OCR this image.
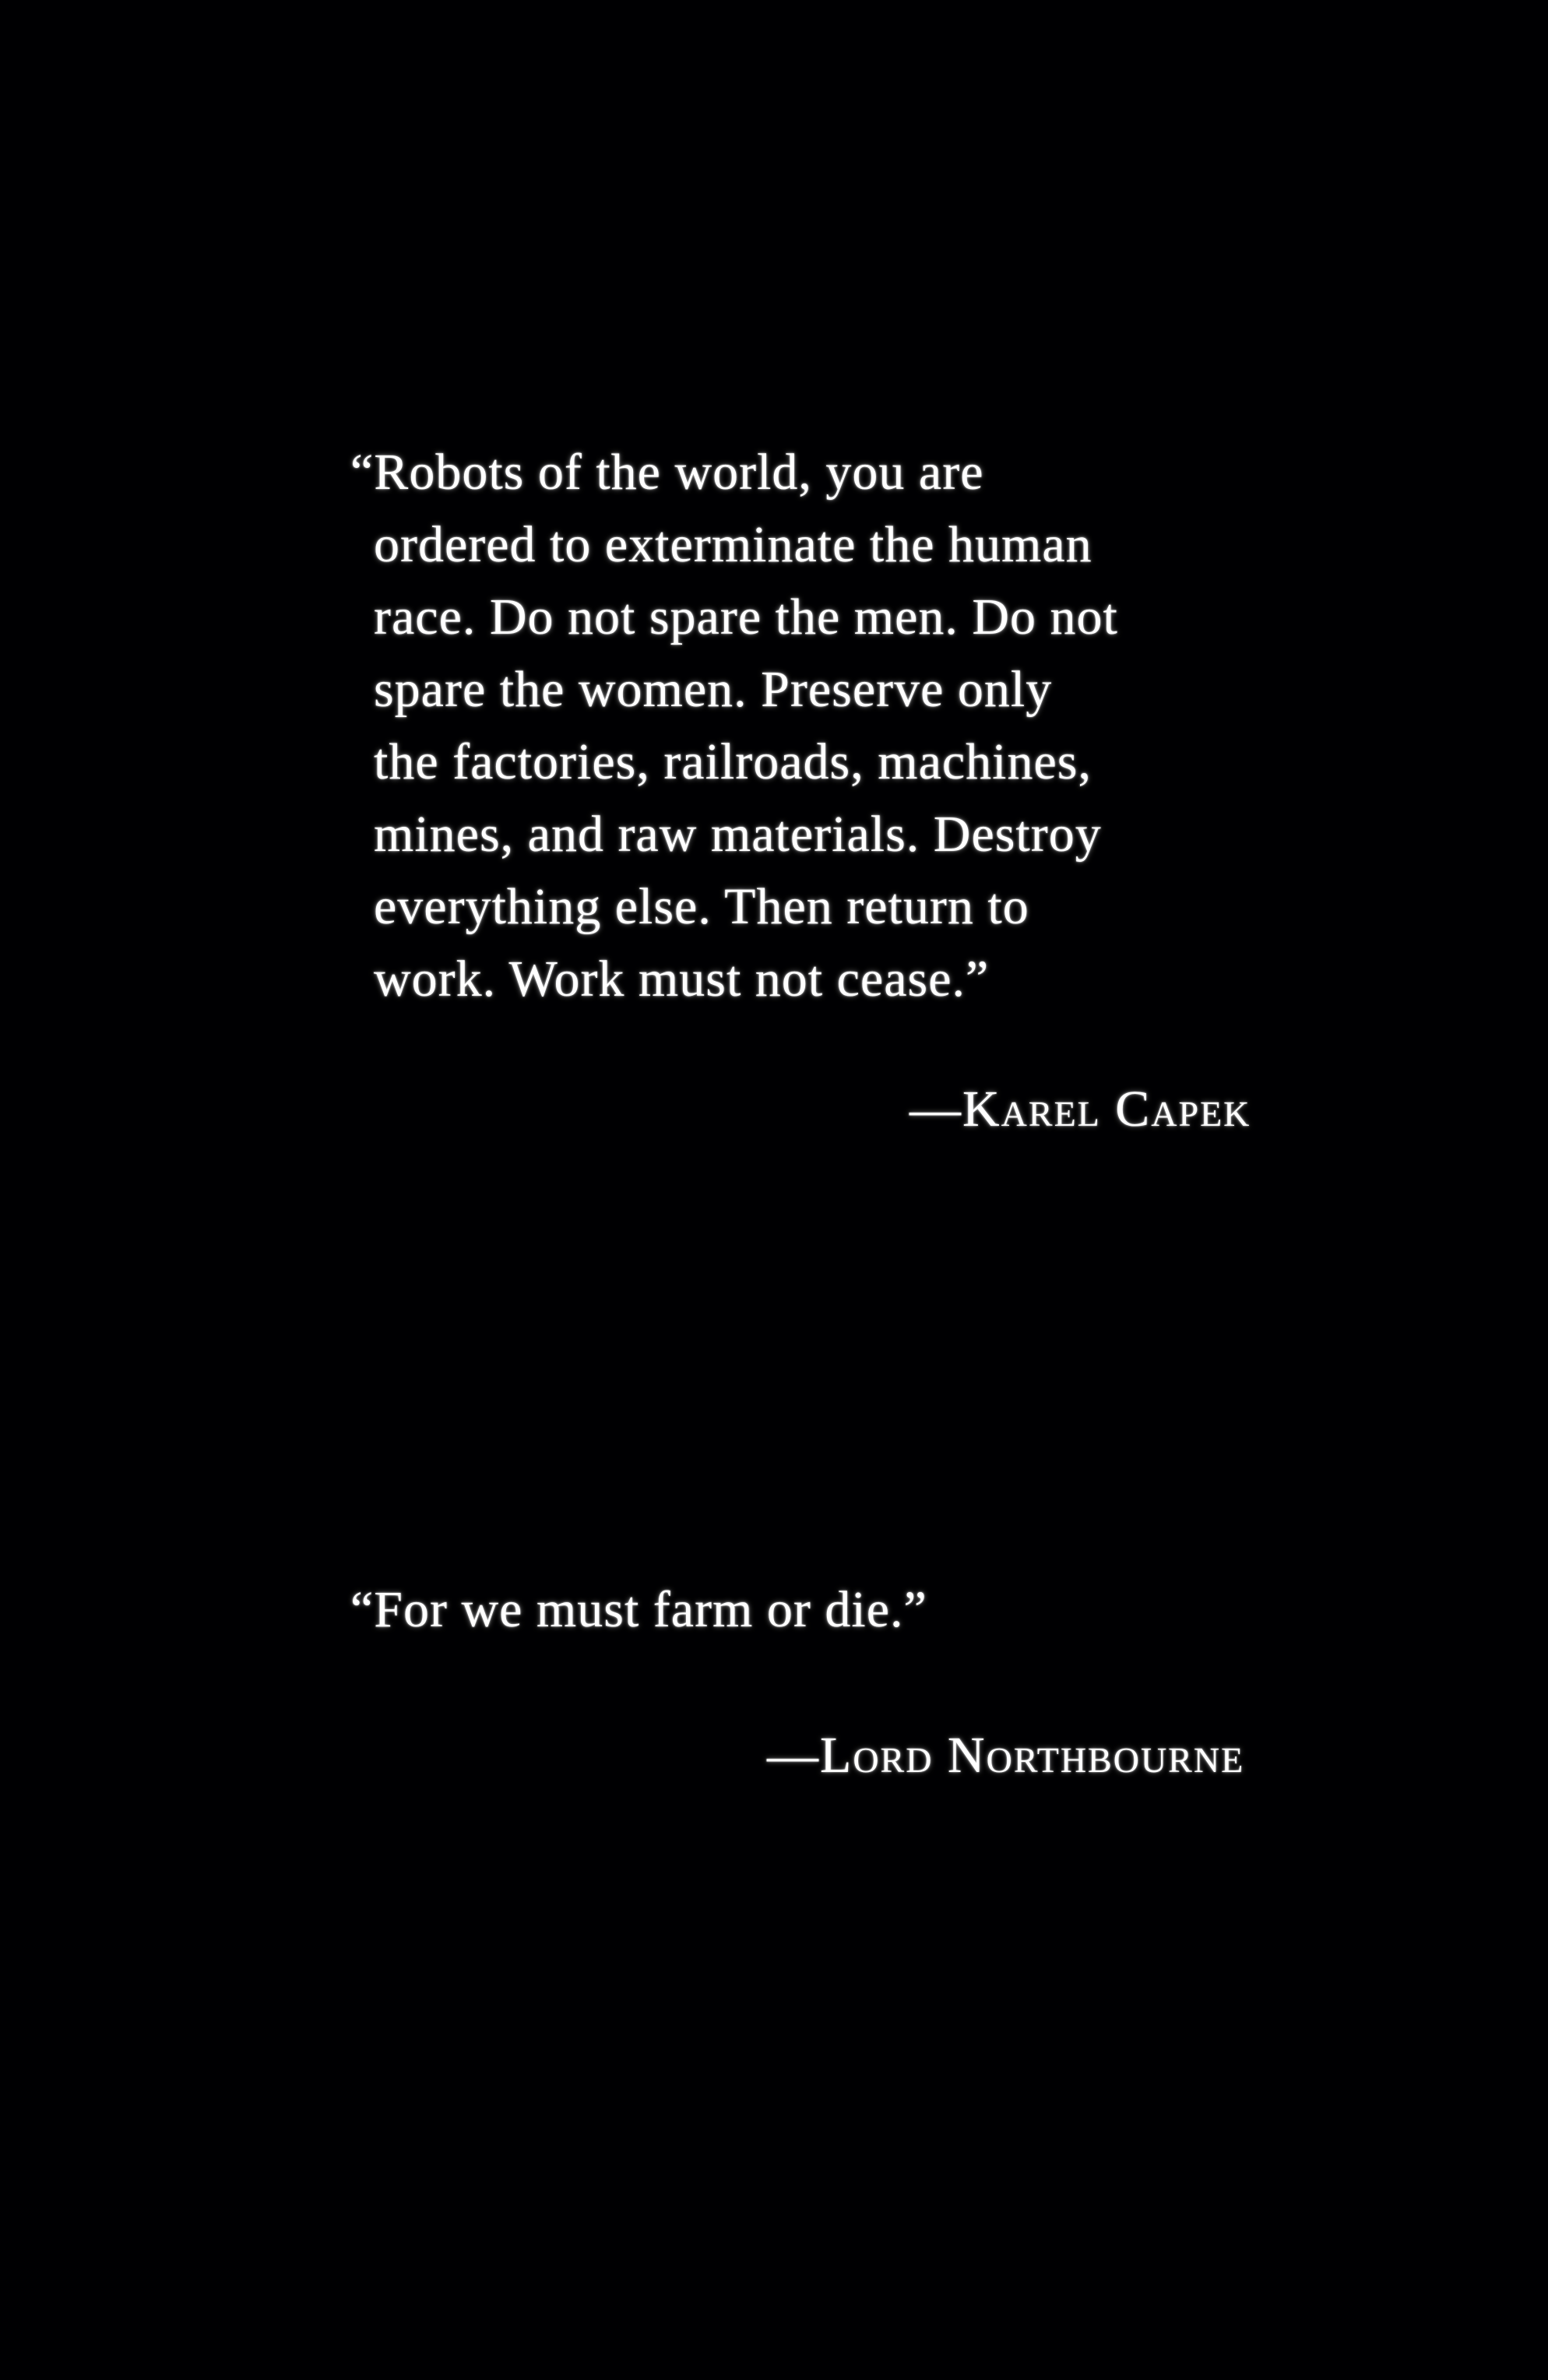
“Robots of the world, you are
ordered to exterminate the human
race. Do not spare the men. Do not
spare the women. Preserve only
the factories, railroads, machines,
mines, and raw materials. Destroy
everything else. Then return to
work. Work must not cease.”
—Karel Capek
“For we must farm or die.”
—Lord Northbourne
